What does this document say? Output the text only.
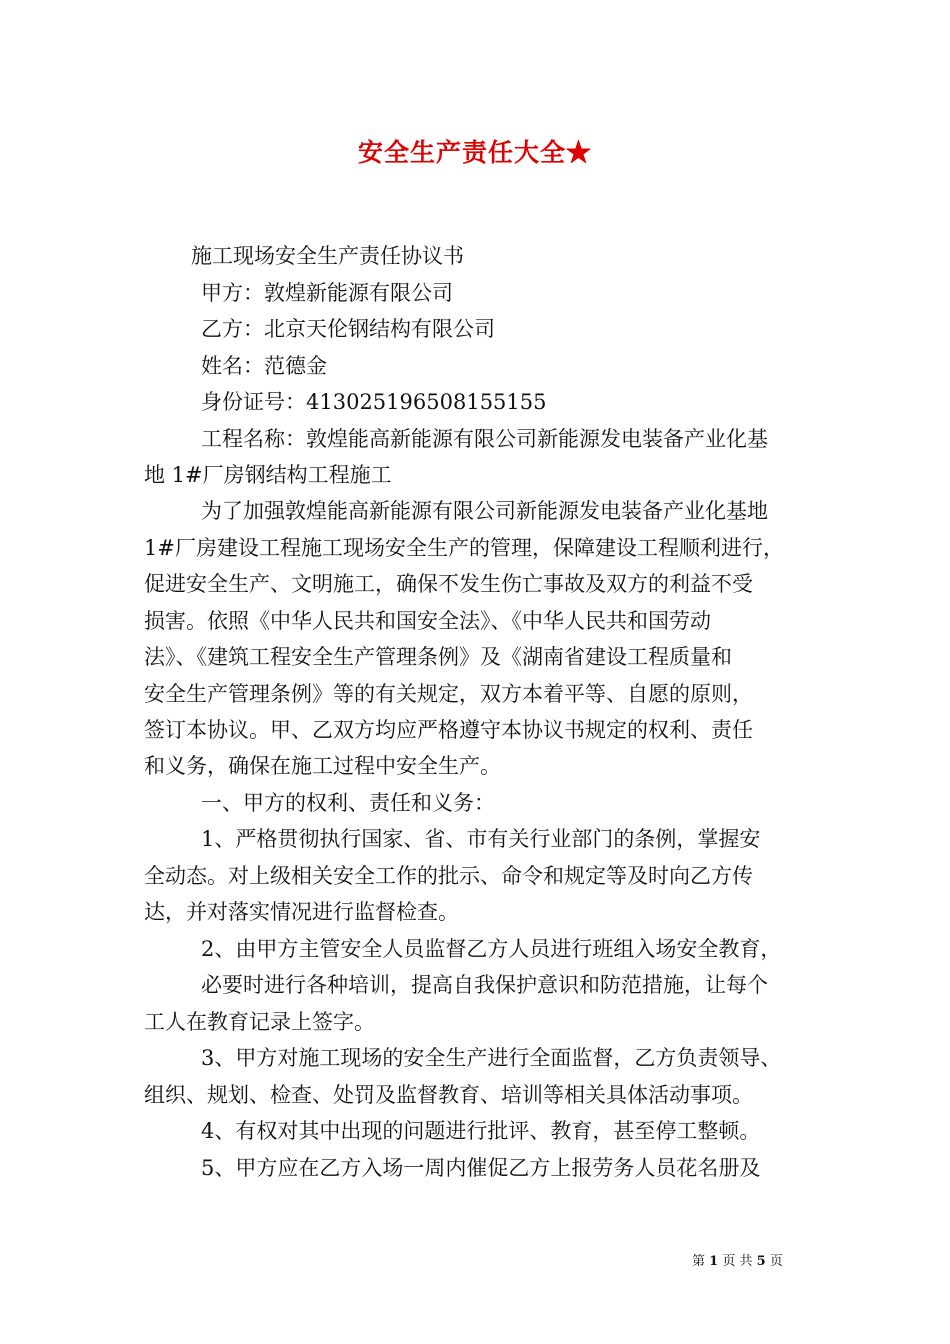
安全生产责任大全★
施工现场安全生产责任协议书
甲方：敦煌新能源有限公司
乙方：北京天伦钢结构有限公司
姓名：范德金
身份证号：413025196508155155
工程名称：敦煌能高新能源有限公司新能源发电装备产业化基
地 1#厂房钢结构工程施工
为了加强敦煌能高新能源有限公司新能源发电装备产业化基地
1#厂房建设工程施工现场安全生产的管理，保障建设工程顺利进行，
促进安全生产、文明施工，确保不发生伤亡事故及双方的利益不受
损害。依照《中华人民共和国安全法》、《中华人民共和国劳动
法》、《建筑工程安全生产管理条例》及《湖南省建设工程质量和
安全生产管理条例》等的有关规定，双方本着平等、自愿的原则，
签订本协议。甲、乙双方均应严格遵守本协议书规定的权利、责任
和义务，确保在施工过程中安全生产。
一、甲方的权利、责任和义务：
1、严格贯彻执行国家、省、市有关行业部门的条例，掌握安
全动态。对上级相关安全工作的批示、命令和规定等及时向乙方传
达，并对落实情况进行监督检查。
2、由甲方主管安全人员监督乙方人员进行班组入场安全教育，
必要时进行各种培训，提高自我保护意识和防范措施，让每个
工人在教育记录上签字。
3、甲方对施工现场的安全生产进行全面监督，乙方负责领导、
组织、规划、检查、处罚及监督教育、培训等相关具体活动事项。
4、有权对其中出现的问题进行批评、教育，甚至停工整顿。
5、甲方应在乙方入场一周内催促乙方上报劳务人员花名册及
第 1 页 共 5 页
